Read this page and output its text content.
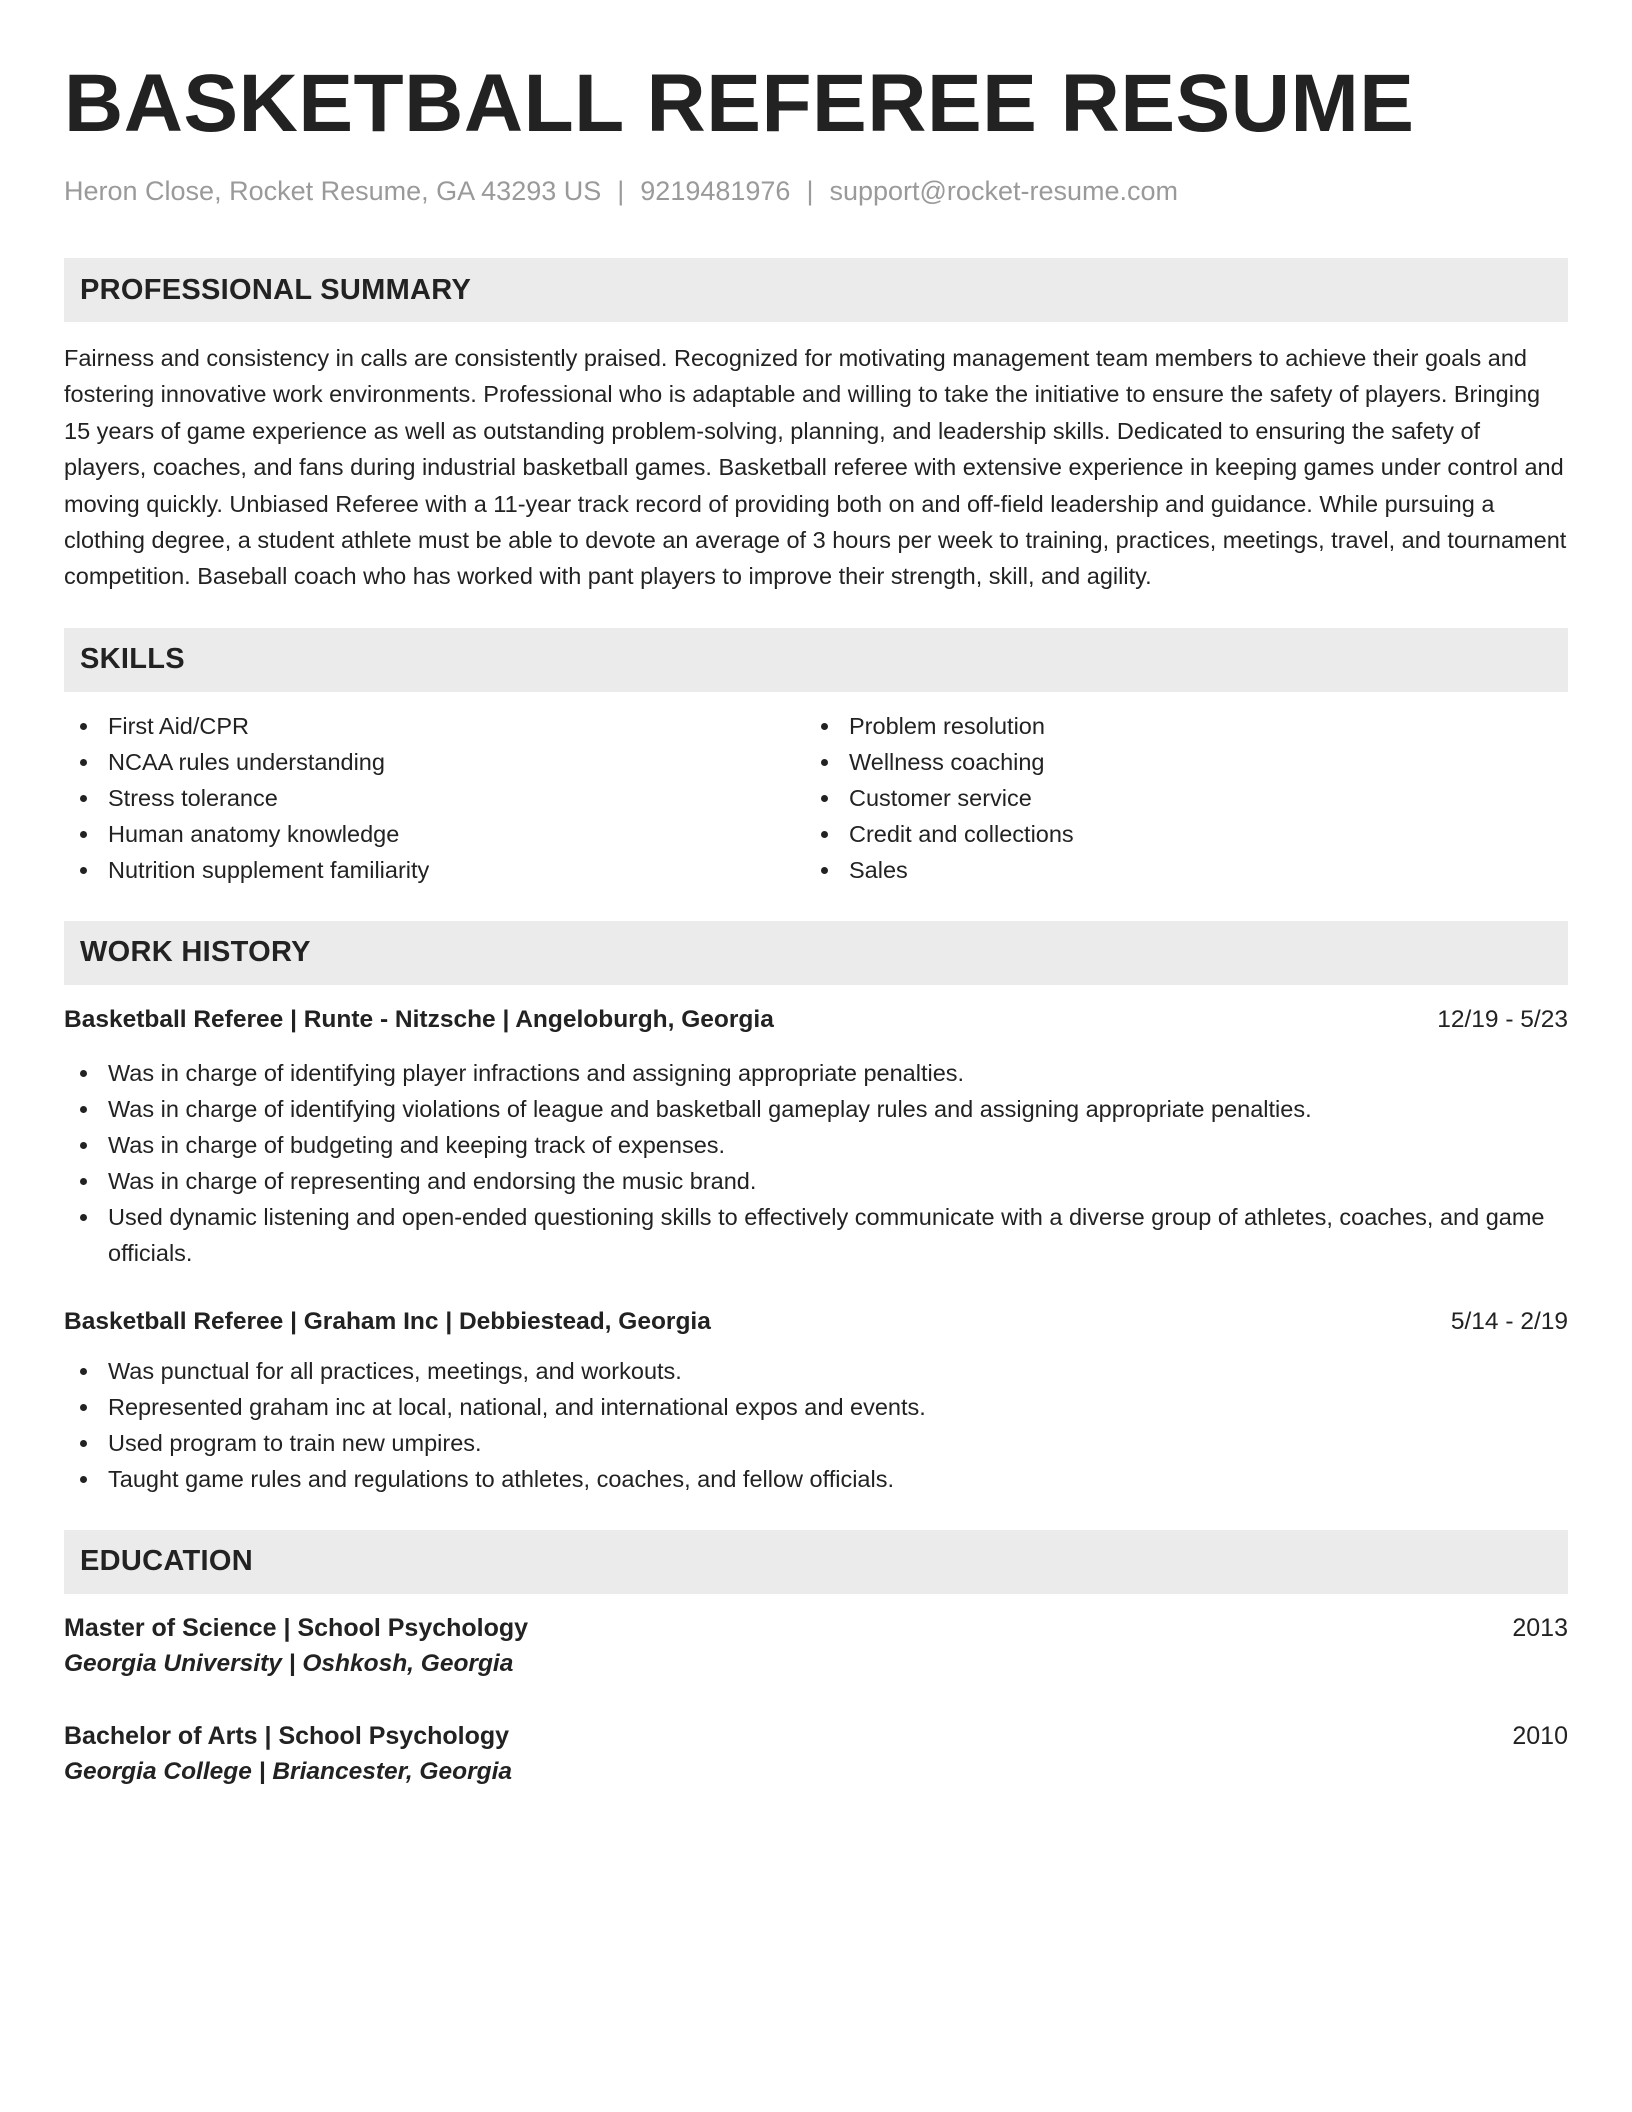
BASKETBALL REFEREE RESUME
Heron Close, Rocket Resume, GA 43293 US | 9219481976 | support@rocket-resume.com
PROFESSIONAL SUMMARY
Fairness and consistency in calls are consistently praised. Recognized for motivating management team members to achieve their goals and fostering innovative work environments. Professional who is adaptable and willing to take the initiative to ensure the safety of players. Bringing 15 years of game experience as well as outstanding problem-solving, planning, and leadership skills. Dedicated to ensuring the safety of players, coaches, and fans during industrial basketball games. Basketball referee with extensive experience in keeping games under control and moving quickly. Unbiased Referee with a 11-year track record of providing both on and off-field leadership and guidance. While pursuing a clothing degree, a student athlete must be able to devote an average of 3 hours per week to training, practices, meetings, travel, and tournament competition. Baseball coach who has worked with pant players to improve their strength, skill, and agility.
SKILLS
First Aid/CPR
NCAA rules understanding
Stress tolerance
Human anatomy knowledge
Nutrition supplement familiarity
Problem resolution
Wellness coaching
Customer service
Credit and collections
Sales
WORK HISTORY
Basketball Referee | Runte - Nitzsche | Angeloburgh, Georgia	12/19 - 5/23
Was in charge of identifying player infractions and assigning appropriate penalties.
Was in charge of identifying violations of league and basketball gameplay rules and assigning appropriate penalties.
Was in charge of budgeting and keeping track of expenses.
Was in charge of representing and endorsing the music brand.
Used dynamic listening and open-ended questioning skills to effectively communicate with a diverse group of athletes, coaches, and game officials.
Basketball Referee | Graham Inc | Debbiestead, Georgia	5/14 - 2/19
Was punctual for all practices, meetings, and workouts.
Represented graham inc at local, national, and international expos and events.
Used program to train new umpires.
Taught game rules and regulations to athletes, coaches, and fellow officials.
EDUCATION
Master of Science | School Psychology	2013
Georgia University | Oshkosh, Georgia
Bachelor of Arts | School Psychology	2010
Georgia College | Briancester, Georgia
